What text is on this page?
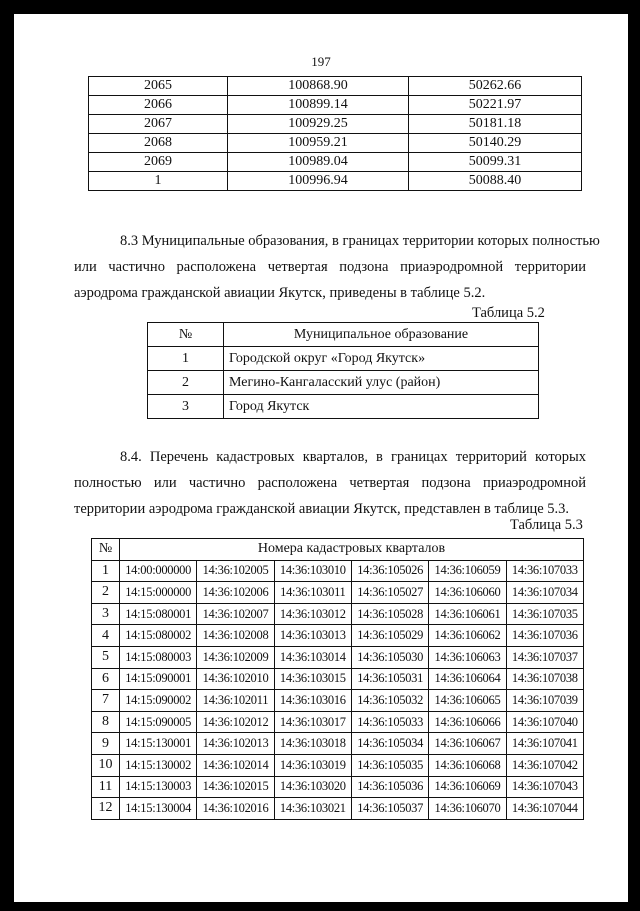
197
2065	100868.90	50262.66
2066	100899.14	50221.97
2067	100929.25	50181.18
2068	100959.21	50140.29
2069	100989.04	50099.31
1	100996.94	50088.40
8.3 Муниципальные образования, в границах территории которых полностью
или частично расположена четвертая подзона приаэродромной территории
аэродрома гражданской авиации Якутск, приведены в таблице 5.2.
Таблица 5.2
№	Муниципальное образование
1	Городской округ «Город Якутск»
2	Мегино-Кангаласский улус (район)
3	Город Якутск
8.4. Перечень кадастровых кварталов, в границах территорий которых
полностью или частично расположена четвертая подзона приаэродромной
территории аэродрома гражданской авиации Якутск, представлен в таблице 5.3.
Таблица 5.3
№	Номера кадастровых кварталов					
1	14:00:000000	14:36:102005	14:36:103010	14:36:105026	14:36:106059	14:36:107033
2	14:15:000000	14:36:102006	14:36:103011	14:36:105027	14:36:106060	14:36:107034
3	14:15:080001	14:36:102007	14:36:103012	14:36:105028	14:36:106061	14:36:107035
4	14:15:080002	14:36:102008	14:36:103013	14:36:105029	14:36:106062	14:36:107036
5	14:15:080003	14:36:102009	14:36:103014	14:36:105030	14:36:106063	14:36:107037
6	14:15:090001	14:36:102010	14:36:103015	14:36:105031	14:36:106064	14:36:107038
7	14:15:090002	14:36:102011	14:36:103016	14:36:105032	14:36:106065	14:36:107039
8	14:15:090005	14:36:102012	14:36:103017	14:36:105033	14:36:106066	14:36:107040
9	14:15:130001	14:36:102013	14:36:103018	14:36:105034	14:36:106067	14:36:107041
10	14:15:130002	14:36:102014	14:36:103019	14:36:105035	14:36:106068	14:36:107042
11	14:15:130003	14:36:102015	14:36:103020	14:36:105036	14:36:106069	14:36:107043
12	14:15:130004	14:36:102016	14:36:103021	14:36:105037	14:36:106070	14:36:107044
